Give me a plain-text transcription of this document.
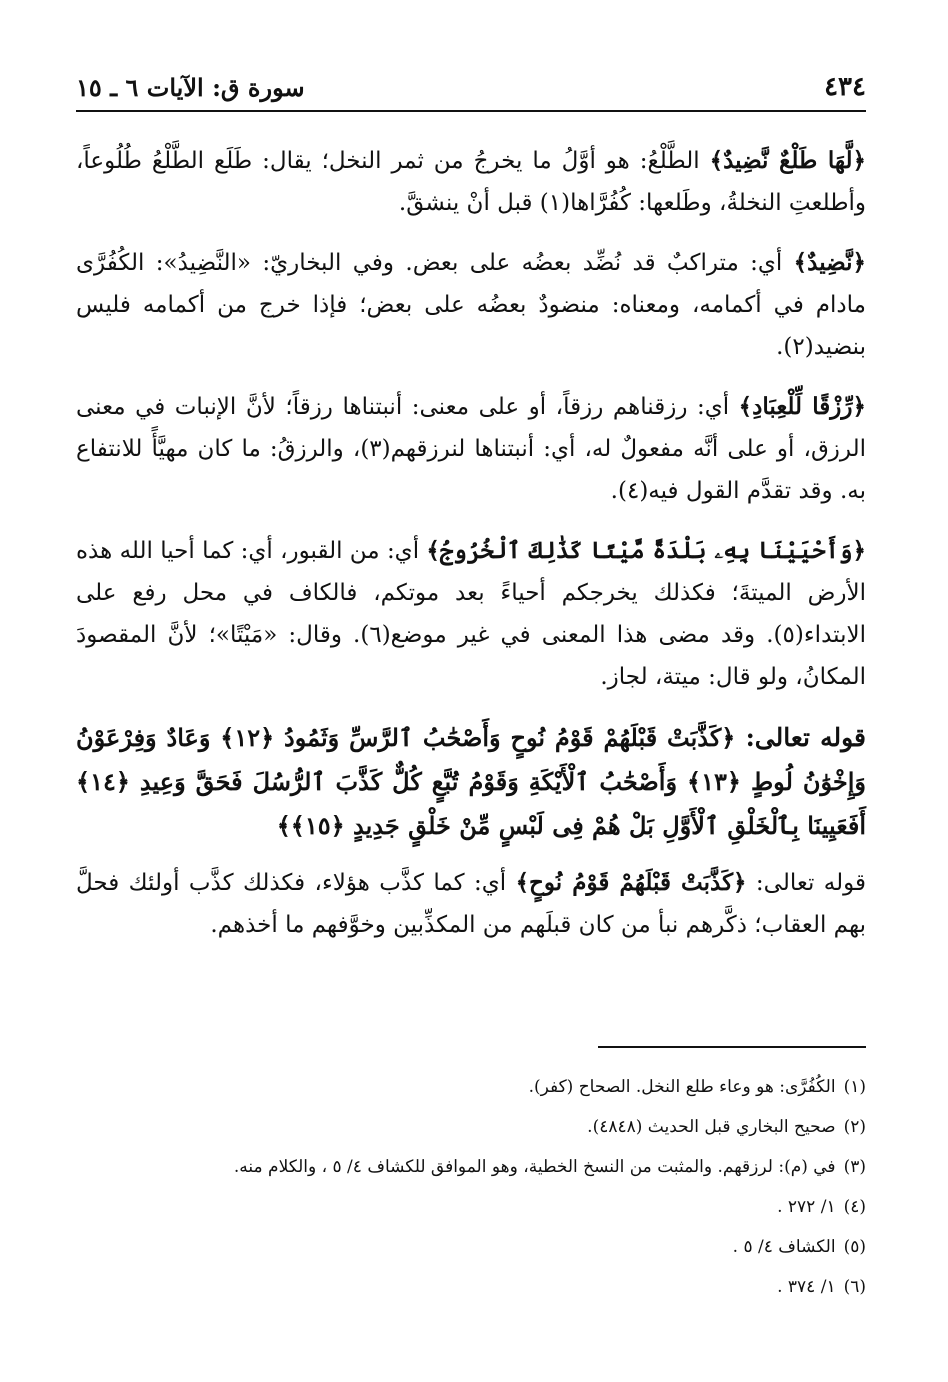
٤٣٤
سورة ق: الآيات ٦ ـ ١٥

﴿لَّهَا طَلْعٌ نَّضِيدٌ﴾ الطَّلْعُ: هو أوَّلُ ما يخرجُ من ثمر النخل؛ يقال: طَلَع الطَّلْعُ طُلُوعاً، وأطلعتِ النخلةُ، وطَلعها: كُفُرَّاها(١) قبل أنْ ينشقَّ.

﴿نَّضِيدٌ﴾ أي: متراكبٌ قد نُضِّد بعضُه على بعض. وفي البخاريّ: «النَّضِيدُ»: الكُفُرَّى مادام في أكمامه، ومعناه: منضودٌ بعضُه على بعض؛ فإذا خرج من أكمامه فليس بنضيد(٢).

﴿رِّزْقًا لِّلْعِبَادِ﴾ أي: رزقناهم رزقاً، أو على معنى: أنبتناها رزقاً؛ لأنَّ الإنبات في معنى الرزق، أو على أنَّه مفعولٌ له، أي: أنبتناها لنرزقهم(٣)، والرزقُ: ما كان مهيَّأً للانتفاع به. وقد تقدَّم القول فيه(٤).

﴿وَأَحْيَيْنَا بِهِۦ بَلْدَةً مَّيْتًا كَذَٰلِكَ ٱلْخُرُوجُ﴾ أي: من القبور، أي: كما أحيا الله هذه الأرض الميتةَ؛ فكذلك يخرجكم أحياءً بعد موتكم، فالكاف في محل رفع على الابتداء(٥). وقد مضى هذا المعنى في غير موضع(٦). وقال: «مَيْتًا»؛ لأنَّ المقصودَ المكانُ، ولو قال: ميتة، لجاز.

قوله تعالى: ﴿كَذَّبَتْ قَبْلَهُمْ قَوْمُ نُوحٍ وَأَصْحَٰبُ ٱلرَّسِّ وَثَمُودُ ﴿١٢﴾ وَعَادٌ وَفِرْعَوْنُ وَإِخْوَٰنُ لُوطٍ ﴿١٣﴾ وَأَصْحَٰبُ ٱلْأَيْكَةِ وَقَوْمُ تُبَّعٍ كُلٌّ كَذَّبَ ٱلرُّسُلَ فَحَقَّ وَعِيدِ ﴿١٤﴾ أَفَعَيِينَا بِٱلْخَلْقِ ٱلْأَوَّلِ بَلْ هُمْ فِى لَبْسٍ مِّنْ خَلْقٍ جَدِيدٍ ﴿١٥﴾﴾

قوله تعالى: ﴿كَذَّبَتْ قَبْلَهُمْ قَوْمُ نُوحٍ﴾ أي: كما كذَّب هؤلاء، فكذلك كذَّب أولئك فحلَّ بهم العقاب؛ ذكَّرهم نبأ من كان قبلَهم من المكذِّبين وخوَّفهم ما أخذهم.

(١)
الكُفُرَّى: هو وعاء طلع النخل. الصحاح (كفر).
(٢)
صحيح البخاري قبل الحديث (٤٨٤٨).
(٣)
في (م): لرزقهم. والمثبت من النسخ الخطية، وهو الموافق للكشاف ٤/ ٥ ، والكلام منه.
(٤)
١/ ٢٧٢ .
(٥)
الكشاف ٤/ ٥ .
(٦)
١/ ٣٧٤ .
